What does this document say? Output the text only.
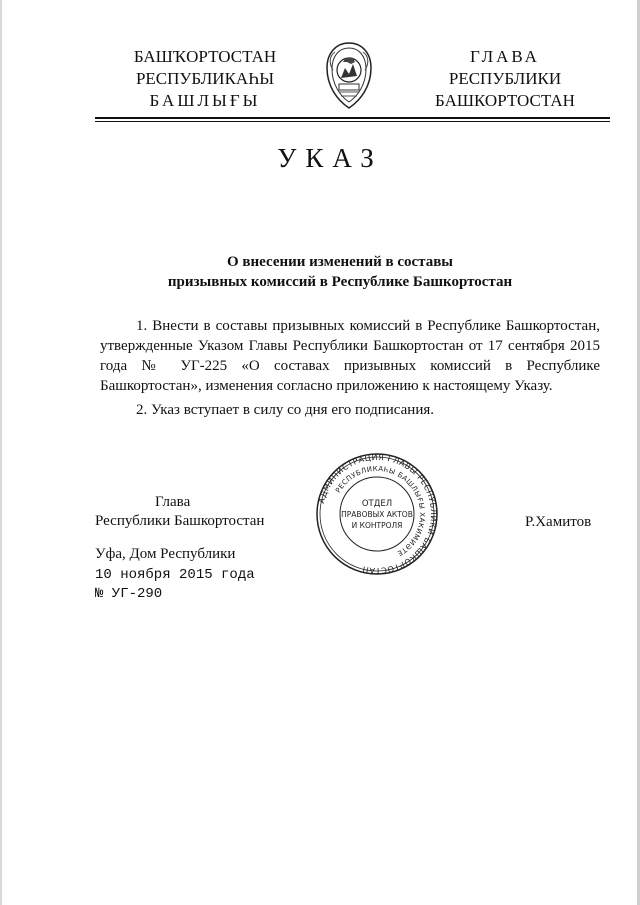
БАШҠОРТОСТАН
РЕСПУБЛИКАҺЫ
БАШЛЫҒЫ
ГЛАВА
РЕСПУБЛИКИ
БАШКОРТОСТАН
УКАЗ
О внесении изменений в составы
призывных комиссий в Республике Башкортостан

1. Внести в составы призывных комиссий в Республике Башкортостан, утвержденные Указом Главы Республики Башкортостан от 17 сентября 2015 года № УГ-225 «О составах призывных комиссий в Республике Башкортостан», изменения согласно приложению к настоящему Указу.

2. Указ вступает в силу со дня его подписания.

Глава
Республики Башкортостан
АДМИНИСТРАЦИЯ ГЛАВЫ РЕСПУБЛИКИ БАШКОРТОСТАН
РЕСПУБЛИКАҺЫ БАШЛЫҒЫ ХАКИМИӘТЕ
ОТДЕЛ
ПРАВОВЫХ АКТОВ
И КОНТРОЛЯ	Р.Хамитов
Уфа, Дом Республики
10 ноября 2015 года
№ УГ-290
